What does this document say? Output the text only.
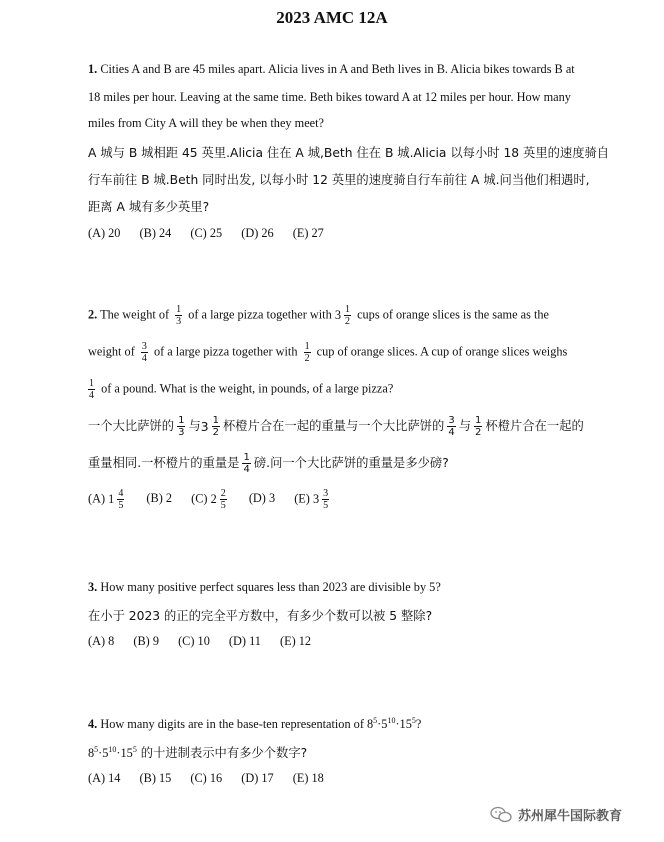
2023 AMC 12A
1. Cities A and B are 45 miles apart. Alicia lives in A and Beth lives in B. Alicia bikes towards B at
18 miles per hour. Leaving at the same time. Beth bikes toward A at 12 miles per hour. How many
miles from City A will they be when they meet?
A 城与 B 城相距 45 英里.Alicia 住在 A 城,Beth 住在 B 城.Alicia 以每小时 18 英里的速度骑自
行车前往 B 城.Beth 同时出发, 以每小时 12 英里的速度骑自行车前往 A 城.问当他们相遇时,
距离 A 城有多少英里?
(A) 20 (B) 24 (C) 25 (D) 26 (E) 27
2. The weight of $\frac{1}{3}$ of a large pizza together with $3 \frac{1}{2}$ cups of orange slices is the same as the
weight of $\frac{3}{4}$ of a large pizza together with $\frac{1}{2}$ cup of orange slices. A cup of orange slices weighs
$\frac{1}{4}$ of a pound. What is the weight, in pounds, of a large pizza?
一个大比萨饼的 $\frac{1}{3}$ 与 $3 \frac{1}{2}$ 杯橙片合在一起的重量与一个大比萨饼的 $\frac{3}{4}$ 与 $\frac{1}{2}$ 杯橙片合在一起的
重量相同.一杯橙片的重量是 $\frac{1}{4}$ 磅.问一个大比萨饼的重量是多少磅?
(A) $1 \frac{4}{5} (B)$ 2 (C) $2 \frac{2}{5} (D)$ 3 (E) $3 \frac{3}{5}$
3. How many positive perfect squares less than 2023 are divisible by 5?
在小于 2023 的正的完全平方数中，有多少个数可以被 5 整除?
(A) 8 (B) 9 (C) 10 (D) 11 (E) 12
4. How many digits are in the base-ten representation of $8^5\cdot 5^{10}\cdot 15^5$?
$8^5\cdot 5^{10}\cdot 15^5$ 的十进制表示中有多少个数字?
(A) 14 (B) 15 (C) 16 (D) 17 (E) 18
苏州犀牛国际教育
